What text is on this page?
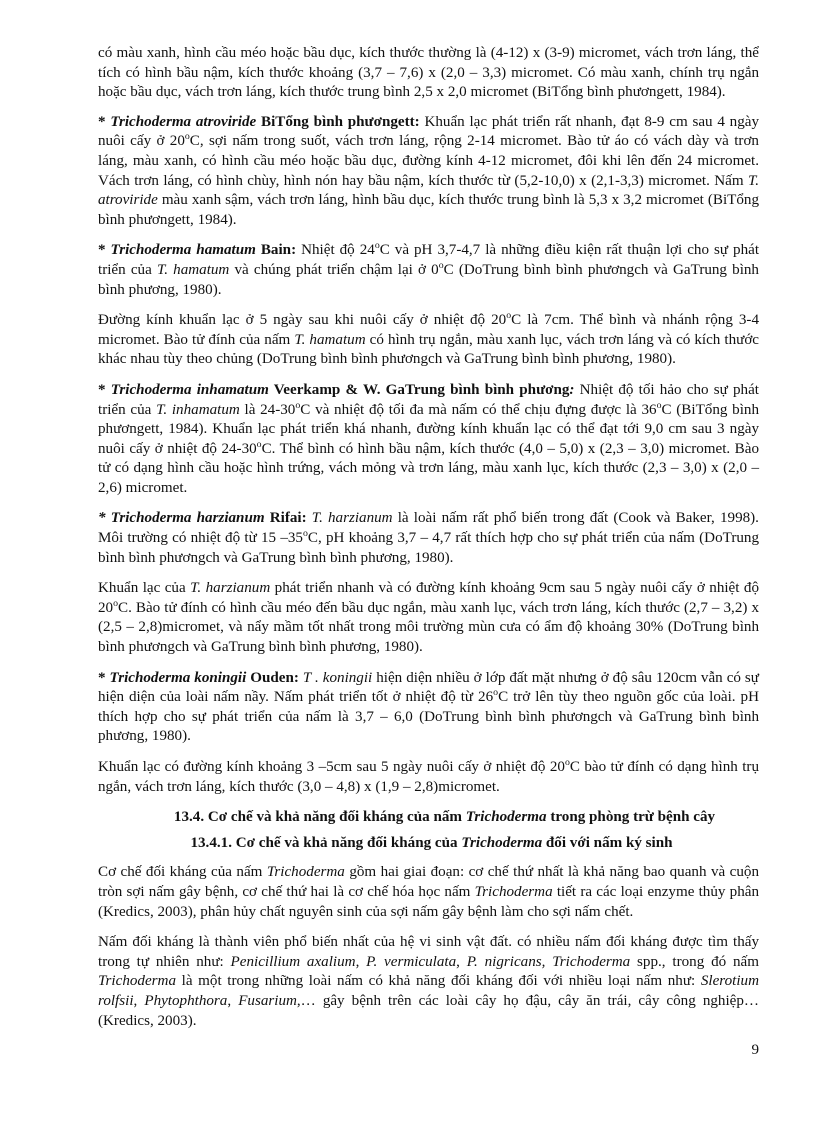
có màu xanh, hình cầu méo hoặc bầu dục, kích thước thường là (4-12) x (3-9) micromet, vách trơn láng, thể tích có hình bầu nậm, kích thước khoảng (3,7 – 7,6) x (2,0 – 3,3) micromet. Có màu xanh, chính trụ ngắn hoặc bầu dục, vách trơn láng, kích thước trung bình 2,5 x 2,0 micromet (BiTổng bình phươngett, 1984).

* Trichoderma atroviride BiTổng bình phươngett: Khuẩn lạc phát triển rất nhanh, đạt 8-9 cm sau 4 ngày nuôi cấy ở 20$^o$C, sợi nấm trong suốt, vách trơn láng, rộng 2-14 micromet. Bào tử áo có vách dày và trơn láng, màu xanh, có hình cầu méo hoặc bầu dục, đường kính 4-12 micromet, đôi khi lên đến 24 micromet. Vách trơn láng, có hình chùy, hình nón hay bầu nậm, kích thước từ (5,2-10,0) x (2,1-3,3) micromet. Nấm T. atroviride màu xanh sậm, vách trơn láng, hình bầu dục, kích thước trung bình là 5,3 x 3,2 micromet (BiTổng bình phươngett, 1984).

* Trichoderma hamatum Bain: Nhiệt độ 24$^o$C và pH 3,7-4,7 là những điều kiện rất thuận lợi cho sự phát triển của T. hamatum và chúng phát triển chậm lại ở 0$^o$C (DoTrung bình bình phươngch và GaTrung bình bình phương, 1980).

Đường kính khuẩn lạc ở 5 ngày sau khi nuôi cấy ở nhiệt độ 20$^o$C là 7cm. Thể bình và nhánh rộng 3-4 micromet. Bào tử đính của nấm T. hamatum có hình trụ ngắn, màu xanh lục, vách trơn láng và có kích thước khác nhau tùy theo chủng (DoTrung bình bình phươngch và GaTrung bình bình phương, 1980).

* Trichoderma inhamatum Veerkamp & W. GaTrung bình bình phương: Nhiệt độ tối hảo cho sự phát triển của T. inhamatum là 24-30$^o$C và nhiệt độ tối đa mà nấm có thể chịu đựng được là 36$^o$C (BiTổng bình phươngett, 1984). Khuẩn lạc phát triển khá nhanh, đường kính khuẩn lạc có thể đạt tới 9,0 cm sau 3 ngày nuôi cấy ở nhiệt độ 24-30$^o$C. Thể bình có hình bầu nậm, kích thước (4,0 – 5,0) x (2,3 – 3,0) micromet. Bào tử có dạng hình cầu hoặc hình trứng, vách mỏng và trơn láng, màu xanh lục, kích thước (2,3 – 3,0) x (2,0 – 2,6) micromet.

* Trichoderma harzianum Rifai: T. harzianum là loài nấm rất phổ biến trong đất (Cook và Baker, 1998). Môi trường có nhiệt độ từ 15 –35$^o$C, pH khoảng 3,7 – 4,7 rất thích hợp cho sự phát triển của nấm (DoTrung bình bình phươngch và GaTrung bình bình phương, 1980).

Khuẩn lạc của T. harzianum phát triển nhanh và có đường kính khoảng 9cm sau 5 ngày nuôi cấy ở nhiệt độ 20$^o$C. Bào tử đính có hình cầu méo đến bầu dục ngắn, màu xanh lục, vách trơn láng, kích thước (2,7 – 3,2) x (2,5 – 2,8)micromet, và nẩy mầm tốt nhất trong môi trường mùn cưa có ẩm độ khoảng 30% (DoTrung bình bình phươngch và GaTrung bình bình phương, 1980).

* Trichoderma koningii Ouden: T . koningii hiện diện nhiều ở lớp đất mặt nhưng ở độ sâu 120cm vẫn có sự hiện diện của loài nấm nầy. Nấm phát triển tốt ở nhiệt độ từ 26$^o$C trở lên tùy theo nguồn gốc của loài. pH thích hợp cho sự phát triển của nấm là 3,7 – 6,0 (DoTrung bình bình phươngch và GaTrung bình bình phương, 1980).

Khuẩn lạc có đường kính khoảng 3 –5cm sau 5 ngày nuôi cấy ở nhiệt độ 20$^o$C bào tử đính có dạng hình trụ ngắn, vách trơn láng, kích thước (3,0 – 4,8) x (1,9 – 2,8)micromet.

13.4. Cơ chế và khả năng đối kháng của nấm Trichoderma trong phòng trừ bệnh cây
13.4.1. Cơ chế và khả năng đối kháng của Trichoderma đối với nấm ký sinh

Cơ chế đối kháng của nấm Trichoderma gồm hai giai đoạn: cơ chế thứ nhất là khả năng bao quanh và cuộn tròn sợi nấm gây bệnh, cơ chế thứ hai là cơ chế hóa học nấm Trichoderma tiết ra các loại enzyme thủy phân (Kredics, 2003), phân hủy chất nguyên sinh của sợi nấm gây bệnh làm cho sợi nấm chết.

Nấm đối kháng là thành viên phổ biến nhất của hệ vi sinh vật đất. có nhiều nấm đối kháng được tìm thấy trong tự nhiên như: Penicillium axalium, P. vermiculata, P. nigricans, Trichoderma spp., trong đó nấm Trichoderma là một trong những loài nấm có khả năng đối kháng đối với nhiều loại nấm như: Slerotium rolfsii, Phytophthora, Fusarium,… gây bệnh trên các loài cây họ đậu, cây ăn trái, cây công nghiệp…(Kredics, 2003).

9
